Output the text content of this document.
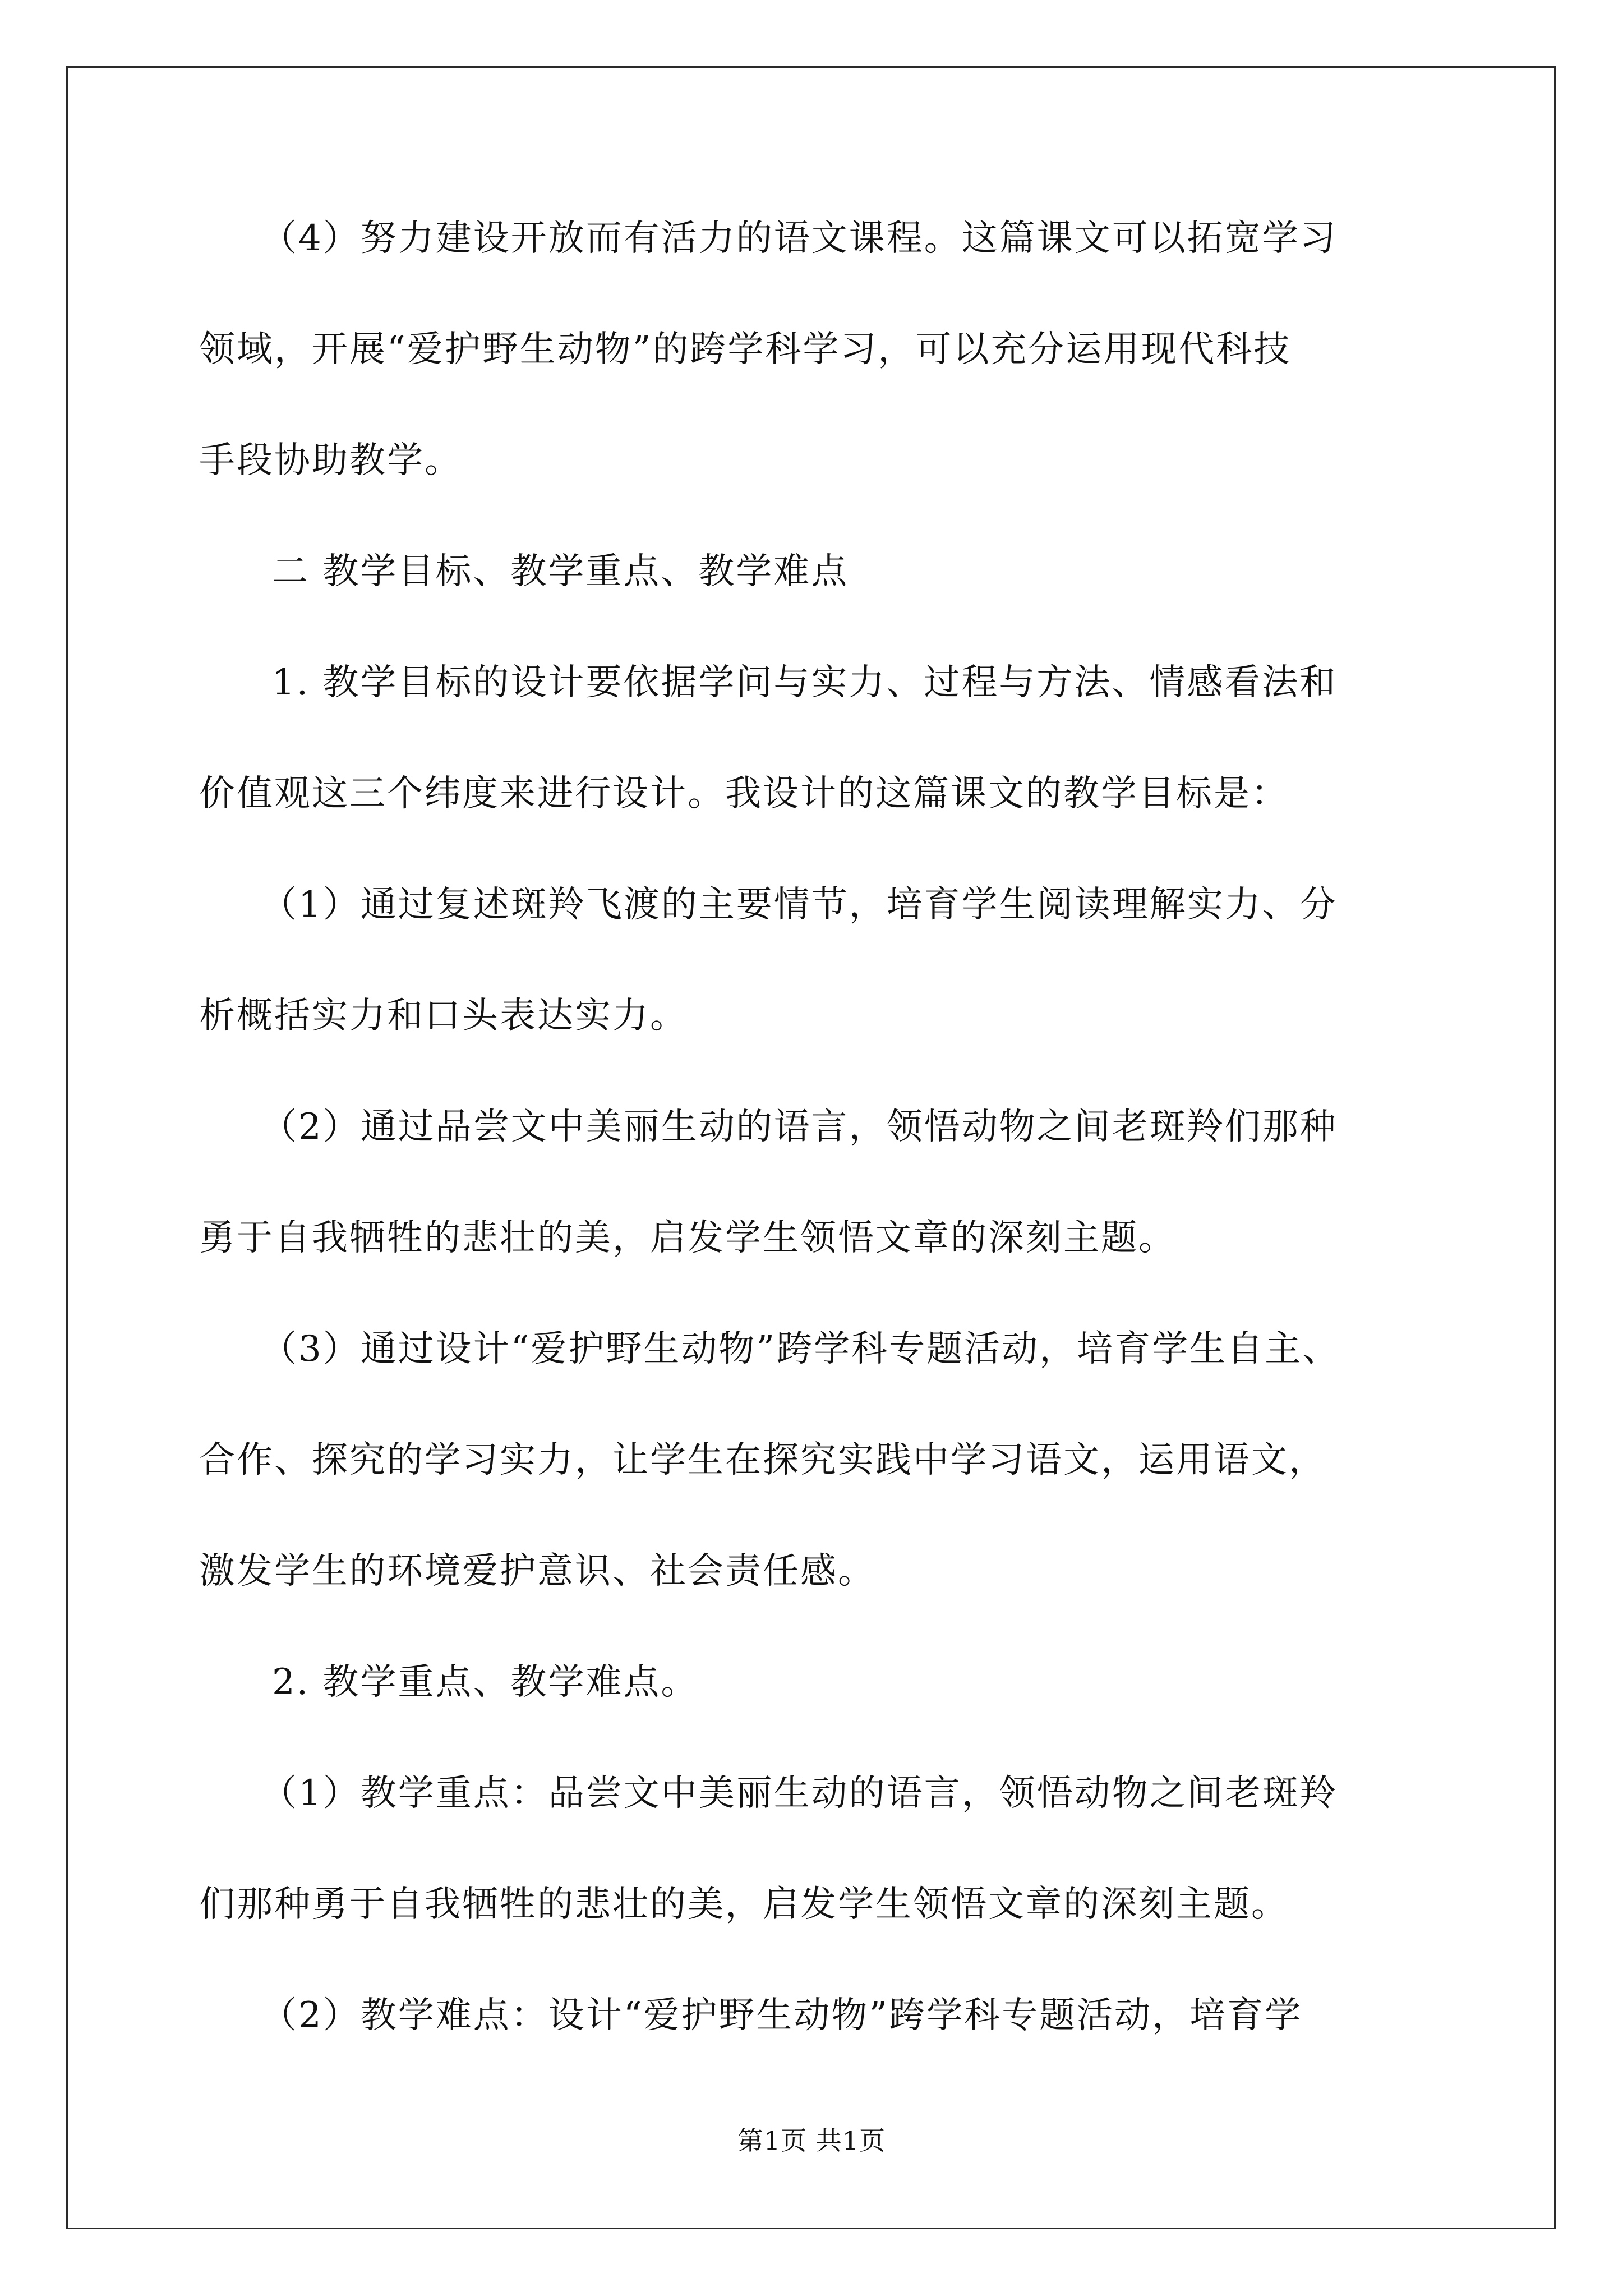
（4）努力建设开放而有活力的语文课程。这篇课文可以拓宽学习
领域，开展“爱护野生动物”的跨学科学习，可以充分运用现代科技
手段协助教学。
二 教学目标、教学重点、教学难点
1. 教学目标的设计要依据学问与实力、过程与方法、情感看法和
价值观这三个纬度来进行设计。我设计的这篇课文的教学目标是：
（1）通过复述斑羚飞渡的主要情节，培育学生阅读理解实力、分
析概括实力和口头表达实力。
（2）通过品尝文中美丽生动的语言，领悟动物之间老斑羚们那种
勇于自我牺牲的悲壮的美，启发学生领悟文章的深刻主题。
（3）通过设计“爱护野生动物”跨学科专题活动，培育学生自主、
合作、探究的学习实力，让学生在探究实践中学习语文，运用语文，
激发学生的环境爱护意识、社会责任感。
2. 教学重点、教学难点。
（1）教学重点：品尝文中美丽生动的语言，领悟动物之间老斑羚
们那种勇于自我牺牲的悲壮的美，启发学生领悟文章的深刻主题。
（2）教学难点：设计“爱护野生动物”跨学科专题活动，培育学
第1页 共1页
